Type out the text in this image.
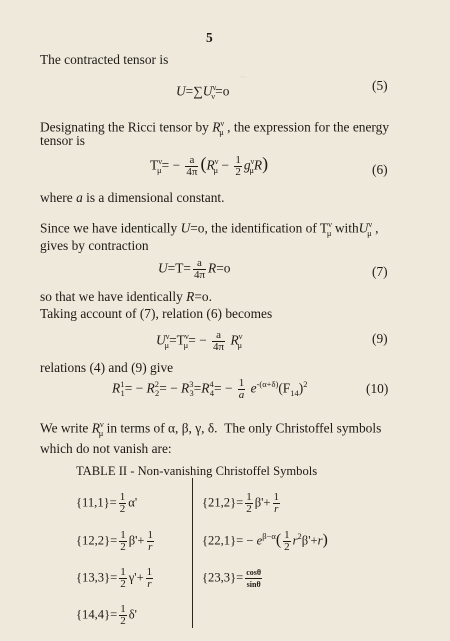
~
5
The contracted tensor is
$U=\sum U^\nu_\nu=o$	(5)
Designating the Ricci tensor by $R^\nu_\mu$ , the expression for the energy
tensor is
$T^\nu_\mu= - \frac{a}{4\pi} (R^\nu_\mu - \frac{1}{2} g^\nu_\mu R)$	(6)
where a is a dimensional constant.
Since we have identically U=o, the identification of $T^\nu_\mu$ withU$^\nu_\mu$ ,
gives by contraction
$U=T= \frac{a}{4\pi} R=o$	(7)
so that we have identically R=o.
Taking account of (7), relation (6) becomes
$U^\nu_\mu=T^\nu_\mu= - \frac{a}{4\pi} R^\nu_\mu$	(9)
relations (4) and (9) give
$R^1_1= - R^2_2= - R^3_3=R^4_4= - \frac{1}{a} e^{-(\alpha+\delta)}(F_{14})^2$	(10)
We write $R^\nu_\mu$ in terms of α, β, γ, δ.  The only Christoffel symbols
which do not vanish are:
TABLE II - Non-vanishing Christoffel Symbols
$\{11,1\}= \frac{1}{2} \alpha'$	$\{21,2\}= \frac{1}{2} \beta'+ \frac{1}{r}$
$\{12,2\}= \frac{1}{2} \beta'+ \frac{1}{r}$	$\{22,1\}= - e^{\beta-\alpha}( \frac{1}{2} r^2\beta'+r)$
$\{13,3\}= \frac{1}{2} \gamma'+ \frac{1}{r}$	$\{23,3\}= \frac{\cos\theta}{\sin\theta}$
$\{14,4\}= \frac{1}{2} \delta'$
